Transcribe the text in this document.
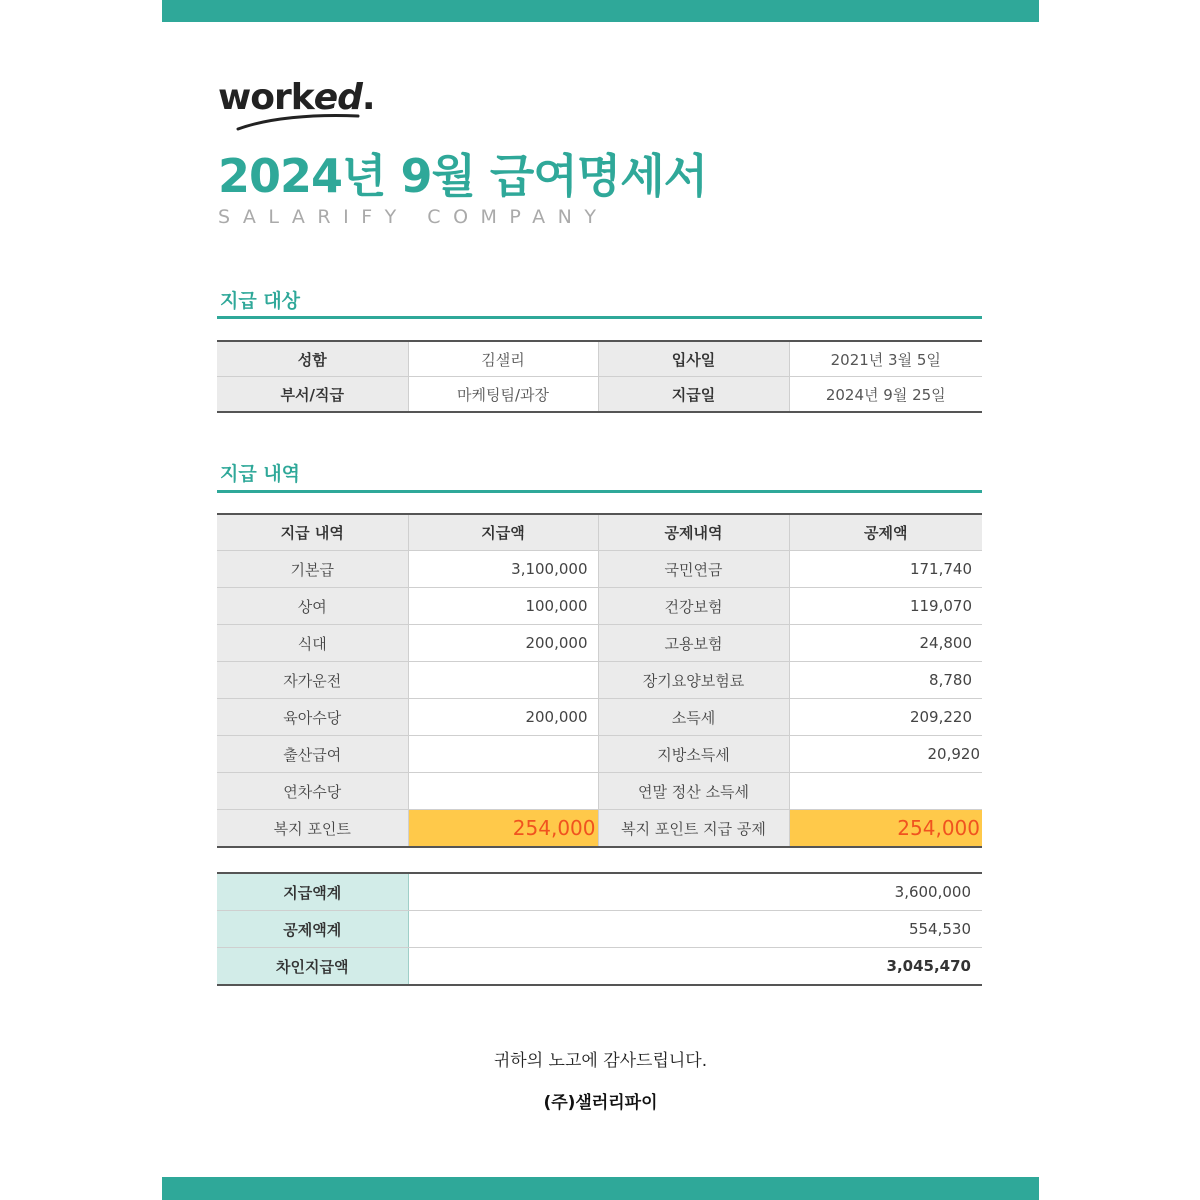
worked.
2024년 9월 급여명세서
SALARIFY COMPANY
지급 대상
성함	김샐리	입사일	2021년 3월 5일
부서/직급	마케팅팀/과장	지급일	2024년 9월 25일
지급 내역
지급 내역	지급액	공제내역	공제액
기본급	3,100,000	국민연금	171,740
상여	100,000	건강보험	119,070
식대	200,000	고용보험	24,800
자가운전		장기요양보험료	8,780
육아수당	200,000	소득세	209,220
출산급여		지방소득세	20,920
연차수당		연말 정산 소득세	
복지 포인트	254,000	복지 포인트 지급 공제	254,000
지급액계	3,600,000
공제액계	554,530
차인지급액	3,045,470
귀하의 노고에 감사드립니다.
(주)샐러리파이
